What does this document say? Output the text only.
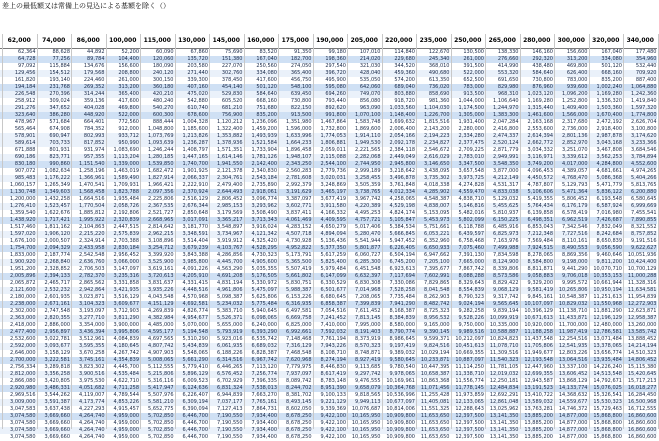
差上の最低額又は常備上の見込による基額を除く（）
62,000	74,000	86,000	100,000	115,000	130,000	145,000	160,000	175,000	190,000	205,000	220,000	235,000	250,000	265,000	280,000	300,000	320,000	340,000
62,364	88,628	44,892	52,200	60,090	67,860	75,690	83,520	91,350	99,180	107,010	114,840	122,670	130,500	138,330	146,160	156,600	167,040	177,480
64,728	77,256	89,784	104,400	120,060	135,720	151,380	167,040	182,700	198,360	214,020	229,680	245,340	261,000	276,660	292,320	313,200	334,080	354,960
97,092	115,884	134,676	156,600	180,090	203,580	227,070	250,560	274,050	297,540	321,030	344,520	368,010	391,500	414,990	438,480	469,800	501,120	532,440
129,456	154,512	179,568	208,800	240,120	271,440	302,760	334,080	365,400	396,720	428,040	459,360	490,680	522,000	553,320	584,640	626,400	668,160	709,920
161,820	193,140	224,460	261,000	300,150	339,300	378,450	417,600	456,750	495,900	535,050	574,200	613,350	652,500	691,650	730,800	783,000	835,200	887,400
194,184	231,768	269,352	313,200	360,180	407,160	454,140	501,120	548,100	595,080	642,060	689,040	736,020	783,000	829,980	876,960	939,600	1,002,240	1,064,880
226,548	270,396	314,244	365,400	420,210	475,020	529,830	584,640	639,450	694,260	749,070	803,880	858,690	913,500	968,310	1,023,120	1,096,200	1,169,280	1,242,360
258,912	309,024	359,136	417,600	480,240	542,880	605,520	668,160	730,800	793,440	856,080	918,720	981,360	1,044,000	1,106,640	1,169,280	1,252,800	1,336,320	1,419,840
291,276	347,652	404,028	469,800	540,270	610,740	681,210	751,680	822,150	892,620	963,090	1,033,560	1,104,030	1,174,500	1,244,970	1,315,440	1,409,400	1,503,360	1,597,320
323,640	386,280	448,920	522,000	600,300	678,600	756,900	835,200	913,500	991,800	1,070,100	1,148,400	1,226,700	1,305,000	1,383,300	1,461,600	1,566,000	1,670,400	1,774,800
478,967	571,684	664,401	772,560	888,444	1,004,328	1,120,212	1,236,096	1,351,980	1,467,864	1,583,748	1,699,632	1,815,516	1,931,400	2,047,284	2,163,168	2,317,680	2,472,192	2,626,704
565,464	674,908	784,352	912,000	1,048,800	1,185,600	1,322,400	1,459,200	1,596,000	1,732,800	1,869,600	2,006,400	2,143,200	2,280,000	2,416,800	2,553,600	2,736,000	2,918,400	3,100,800
578,901	690,947	802,993	933,712	1,073,769	1,213,826	1,353,882	1,493,939	1,633,996	1,774,053	1,914,110	2,054,166	2,194,223	2,334,280	2,474,337	2,614,394	2,801,136	2,987,878	3,174,620
589,614	703,733	817,852	950,990	1,093,639	1,236,287	1,378,936	1,521,584	1,664,233	1,806,881	1,949,530	2,092,178	2,234,827	2,377,475	2,520,124	2,662,772	2,852,970	3,043,168	3,233,366
671,888	801,931	931,974	1,083,690	1,246,244	1,408,797	1,571,351	1,733,904	1,896,458	2,059,011	2,221,565	2,384,118	2,546,672	2,709,225	2,871,779	3,034,332	3,251,070	3,467,808	3,684,546
690,186	823,771	957,355	1,113,204	1,280,185	1,447,165	1,614,146	1,781,126	1,948,107	2,115,088	2,282,068	2,449,049	2,616,029	2,783,010	2,949,991	3,116,971	3,339,612	3,562,253	3,784,894
830,180	990,860	1,151,540	1,339,000	1,539,850	1,740,700	1,941,550	2,142,400	2,343,250	2,544,100	2,744,950	2,945,800	3,146,650	3,347,500	3,548,350	3,749,200	4,017,000	4,284,800	4,552,600
907,072	1,082,634	1,258,196	1,463,019	1,682,472	1,901,925	2,121,378	2,340,830	2,560,283	2,779,736	2,999,189	3,218,642	3,438,095	3,657,548	3,877,000	4,096,453	4,389,057	4,681,661	4,974,265
985,483	1,176,222	1,366,961	1,589,490	1,827,914	2,066,337	2,304,761	2,543,184	2,781,608	3,020,031	3,258,455	3,496,878	3,735,302	3,973,725	4,212,149	4,450,572	4,768,470	5,086,368	5,404,266
1,060,157	1,265,349	1,470,541	1,709,931	1,966,421	2,222,910	2,479,400	2,735,890	2,992,379	3,248,869	3,505,359	3,761,848	4,018,338	4,274,828	4,531,317	4,787,807	5,129,793	5,471,779	5,813,765
1,130,748	1,349,603	1,568,458	1,823,788	2,097,356	2,370,924	2,644,493	2,918,061	3,191,629	3,465,197	3,738,765	4,012,334	4,285,902	4,559,470	4,833,038	5,106,606	5,471,364	5,836,122	6,200,880
1,200,000	1,432,258	1,664,516	1,935,484	2,225,806	2,516,129	2,806,452	3,096,774	3,387,097	3,677,419	3,967,742	4,258,065	4,548,387	4,838,710	5,129,032	5,419,355	5,806,452	6,193,548	6,580,645
1,276,410	1,523,457	1,770,504	2,058,726	2,367,535	2,676,344	2,985,153	3,293,962	3,602,771	3,911,580	4,220,389	4,529,198	4,838,007	5,146,816	5,455,625	5,764,434	6,176,179	6,587,924	6,999,669
1,359,540	1,622,676	1,885,812	2,192,806	2,521,727	2,850,648	3,179,569	3,508,490	3,837,411	4,166,332	4,495,253	4,824,174	5,153,095	5,482,016	5,810,937	6,139,858	6,578,419	7,016,980	7,455,541
1,438,920	1,717,421	1,995,922	2,320,839	2,668,965	3,017,091	3,365,217	3,713,343	4,061,469	4,409,595	4,757,721	5,105,847	5,453,973	5,802,099	6,150,225	6,498,351	6,962,519	7,426,687	7,890,855
1,517,460	1,811,162	2,104,863	2,447,515	2,814,642	3,181,770	3,548,897	3,916,024	4,283,152	4,650,279	5,017,406	5,384,534	5,751,661	6,118,788	6,485,916	6,853,043	7,342,546	7,832,049	8,321,552
1,597,020	1,906,120	2,215,220	2,575,839	2,962,215	3,348,591	3,734,967	4,121,342	4,507,718	4,894,094	5,280,470	5,666,845	6,053,221	6,439,597	6,825,973	7,212,348	7,727,516	8,242,684	8,757,852
1,676,100	2,000,507	2,324,914	2,703,388	3,108,896	3,514,404	3,919,912	4,325,420	4,730,928	5,136,436	5,541,944	5,947,452	6,352,960	6,758,468	7,163,976	7,569,484	8,110,161	8,650,839	9,191,516
1,754,700	2,094,329	2,433,958	2,830,184	3,254,712	3,679,239	4,103,767	4,528,295	4,952,822	5,377,350	5,801,877	6,226,405	6,650,933	7,075,460	7,499,988	7,924,515	8,490,553	9,056,590	9,622,627
1,833,000	2,187,774	2,542,548	2,956,452	3,399,920	3,843,388	4,286,856	4,730,323	5,173,791	5,617,259	6,060,727	6,504,194	6,947,662	7,391,130	7,834,598	8,278,065	8,869,356	9,460,646	10,051,936
1,900,920	2,268,840	2,636,760	3,066,000	3,525,900	3,985,800	4,445,700	4,905,600	5,365,500	5,825,400	6,285,300	6,745,200	7,205,100	7,665,000	8,124,900	8,584,800	9,198,000	9,811,200	10,424,400
1,951,200	2,328,852	2,706,503	3,147,097	3,619,161	4,091,226	4,563,290	5,035,355	5,507,419	5,979,484	6,451,548	6,923,613	7,395,677	7,867,742	8,339,806	8,811,871	9,441,290	10,070,710	10,700,129
2,005,896	2,394,133	2,782,370	3,235,316	3,720,613	4,205,910	4,691,208	5,176,505	5,661,802	6,147,099	6,632,397	7,117,694	7,602,991	8,088,288	8,573,586	9,058,883	9,706,018	10,353,153	11,000,288
2,065,872	2,465,717	2,865,562	3,331,858	3,831,637	4,331,415	4,831,194	5,330,972	5,830,751	6,330,529	6,830,308	7,330,086	7,829,865	8,329,643	8,829,422	9,329,200	9,995,572	10,661,944	11,328,316
2,121,600	2,532,232	2,942,864	3,421,935	3,935,226	4,448,516	4,961,806	5,475,097	5,988,387	6,501,677	7,014,968	7,528,258	8,041,548	8,554,839	9,068,129	9,581,419	10,265,806	10,950,194	11,634,581
2,180,000	2,601,935	3,023,871	3,516,129	4,043,548	4,570,968	5,098,387	5,625,806	6,153,226	6,680,645	7,208,065	7,735,484	8,262,903	8,790,323	9,317,742	9,845,161	10,548,387	11,251,613	11,954,839
2,238,000	2,671,161	3,104,323	3,609,677	4,151,129	4,692,581	5,234,032	5,775,484	6,316,935	6,858,387	7,399,839	7,941,290	8,482,742	9,024,194	9,565,645	10,107,097	10,829,032	11,550,968	12,272,903
2,302,000	2,747,548	3,193,097	3,712,903	4,269,839	4,826,774	5,383,710	5,940,645	6,497,581	7,054,516	7,611,452	8,168,387	8,725,323	9,282,258	9,839,194	10,396,129	11,138,710	11,881,290	12,623,871
2,363,000	2,820,355	3,277,710	3,811,290	4,382,984	4,954,677	5,526,371	6,098,065	6,669,758	7,241,452	7,813,145	8,384,839	8,956,532	9,528,226	10,099,919	10,671,613	11,433,871	12,196,129	12,958,387
2,418,000	2,886,000	3,354,000	3,900,000	4,485,000	5,070,000	5,655,000	6,240,000	6,825,000	7,410,000	7,995,000	8,580,000	9,165,000	9,750,000	10,335,000	10,920,000	11,700,000	12,480,000	13,260,000
2,477,400	2,956,897	3,436,394	3,995,806	4,595,177	5,194,548	5,793,919	6,393,290	6,992,661	7,592,032	8,191,403	8,790,774	9,390,145	9,989,516	10,588,887	11,188,258	11,987,419	12,786,581	13,585,742
2,532,600	3,022,781	3,512,961	4,084,839	4,697,565	5,310,290	5,923,016	6,535,742	7,148,468	7,761,194	8,373,919	8,986,645	9,599,371	10,212,097	10,824,823	11,437,548	12,254,516	13,071,484	13,888,452
2,592,000	3,093,677	3,595,355	4,180,645	4,807,742	5,434,839	6,061,935	6,689,032	7,316,129	7,943,226	8,570,323	9,197,419	9,824,516	10,451,613	11,078,710	11,705,806	12,541,935	13,378,065	14,214,194
2,646,000	3,158,129	3,670,258	4,267,742	4,907,903	5,548,065	6,188,226	6,828,387	7,468,548	8,108,710	8,748,871	9,389,032	10,029,194	10,669,355	11,309,516	11,949,677	12,803,226	13,656,774	14,510,323
2,700,000	3,222,581	3,745,161	4,354,839	5,008,065	5,661,290	6,314,516	6,967,742	7,620,968	8,274,194	8,927,419	9,580,645	10,233,871	10,887,097	11,540,323	12,193,548	13,064,516	13,935,484	14,806,452
2,756,334	3,289,818	3,823,302	4,445,700	5,112,555	5,779,410	6,446,265	7,113,120	7,779,975	8,446,830	9,113,685	9,780,540	10,447,395	11,114,250	11,781,105	12,447,960	13,337,100	14,226,240	15,115,380
2,812,000	3,356,258	3,900,516	4,535,484	5,215,806	5,896,129	6,576,452	7,256,774	7,937,097	8,617,419	9,297,742	9,978,065	10,658,387	11,338,710	12,019,032	12,699,355	13,606,452	14,513,548	15,420,645
2,866,080	3,420,805	3,975,530	4,622,710	5,316,116	6,009,523	6,702,929	7,396,335	8,089,742	8,783,148	9,476,555	10,169,961	10,863,368	11,556,774	12,250,181	12,943,587	13,868,129	14,792,671	15,717,213
2,920,980	3,486,331	4,051,682	4,711,258	5,417,947	6,124,636	6,831,324	7,538,013	8,244,702	8,951,390	9,658,079	10,364,768	11,071,456	11,778,145	12,484,834	13,191,523	14,133,774	15,076,025	16,018,277
2,969,516	3,544,262	4,119,007	4,789,544	5,507,976	6,226,407	6,944,839	7,663,270	8,381,702	9,100,133	9,818,565	10,536,996	11,255,428	11,973,859	12,692,291	13,410,722	14,368,632	15,326,541	16,284,450
3,009,000	3,591,387	4,173,774	4,853,226	5,581,210	6,309,194	7,037,177	7,765,161	8,493,145	9,221,129	9,949,113	10,677,097	11,405,081	12,133,065	12,861,048	13,589,032	14,559,677	15,530,323	16,500,968
3,047,583	3,637,438	4,227,293	4,915,457	5,652,775	6,390,094	7,127,413	7,864,731	8,602,050	9,339,369	10,076,687	10,814,006	11,551,325	12,288,643	13,025,962	13,763,281	14,746,372	15,729,463	16,712,555
3,074,580	3,669,660	4,264,740	4,959,000	5,702,850	6,446,700	7,190,550	7,934,400	8,678,250	9,422,100	10,165,950	10,909,800	11,653,650	12,397,500	13,141,350	13,885,200	14,877,000	15,868,800	16,860,600
3,074,580	3,669,660	4,264,740	4,959,000	5,702,850	6,446,700	7,190,550	7,934,400	8,678,250	9,422,100	10,165,950	10,909,800	11,653,650	12,397,500	13,141,350	13,885,200	14,877,000	15,868,800	16,860,600
3,074,580	3,669,660	4,264,740	4,959,000	5,702,850	6,446,700	7,190,550	7,934,400	8,678,250	9,422,100	10,165,950	10,909,800	11,653,650	12,397,500	13,141,350	13,885,200	14,877,000	15,868,800	16,860,600
3,074,580	3,669,660	4,264,740	4,959,000	5,702,850	6,446,700	7,190,550	7,934,400	8,678,250	9,422,100	10,165,950	10,909,800	11,653,650	12,397,500	13,141,350	13,885,200	14,877,000	15,868,800	16,860,600
